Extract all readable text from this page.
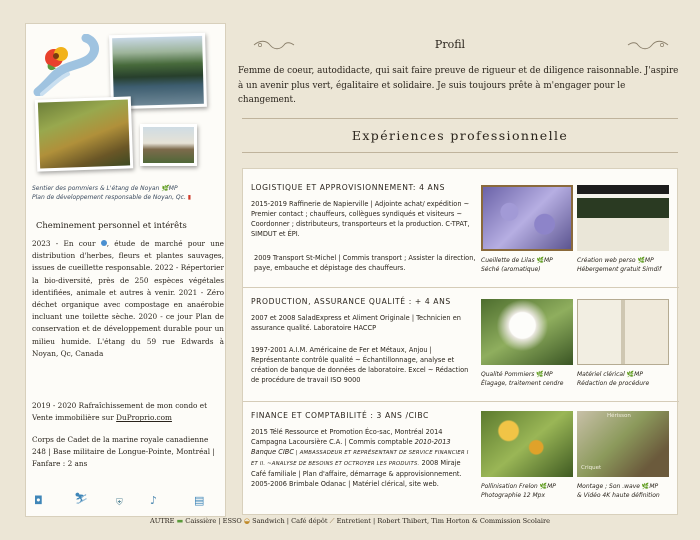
Sentier des pommiers & L'étang de Noyan 🌿MP
Plan de développement responsable de Noyan, Qc. ▮
Cheminement personnel et intérêts
2023 - En cour , étude de marché pour une distribution d'herbes, fleurs et plantes sauvages, issues de cueillette responsable. 2022 - Répertorier la bio-diversité, près de 250 espèces végétales identifiées, animale et autres à venir. 2021 - Zéro déchet organique avec compostage en anaérobie incluant une toilette sèche. 2020 - ce jour Plan de conservation et de développement durable pour un milieu humide. L'étang du 59 rue Edwards à Noyan, Qc, Canada
2019 - 2020 Rafraîchissement de mon condo et Vente immobilière sur DuProprio.com
Corps de Cadet de la marine royale canadienne 248 | Base militaire de Longue-Pointe, Montréal | Fanfare : 2 ans
◘	⛷	⛨ ♪	▤
Profil
Femme de coeur, autodidacte, qui sait faire preuve de rigueur et de diligence raisonnable. J'aspire à un avenir plus vert, égalitaire et solidaire. Je suis toujours prête à m'engager pour le changement.
Expériences professionnelle
LOGISTIQUE ET APPROVISIONNEMENT: 4 ANS
2015-2019 Raffinerie de Napierville | Adjointe achat/ expédition ~ Premier contact ; chauffeurs, collègues syndiqués et visiteurs ~ Coordonner ; distributeurs, transporteurs et la production. C-TPAT, SIMDUT et ÉPI.
2009 Transport St-Michel | Commis transport ; Assister la direction, paye, embauche et dépistage des chauffeurs.
Cueillette de Lilas 🌿MP
Séché (aromatique)
Création web perso 🌿MP
Hébergement gratuit Simdif
PRODUCTION, ASSURANCE QUALITÉ : + 4 ANS
2007 et 2008 SaladExpress et Aliment Originale | Technicien en assurance qualité. Laboratoire HACCP
1997-2001 A.I.M. Américaine de Fer et Métaux, Anjou | Représentante contrôle qualité ~ Échantillonnage, analyse et création de banque de données de laboratoire. Excel ~ Rédaction de procédure de travail ISO 9000
Qualité Pommiers 🌿MP
Élagage, traitement cendre
Matériel clérical 🌿MP
Rédaction de procédure
FINANCE ET COMPTABILITÉ : 3 ANS /CIBC
2015 Télé Ressource et Promotion Éco-sac, Montréal 2014 Campagna Lacoursière C.A. | Commis comptable 2010-2013 Banque CIBC | AMBASSADEUR ET REPRÉSENTANT DE SERVICE FINANCIER I ET II. ~ANALYSE DE BESOINS ET OCTROYER LES PRODUITS. 2008 Miraje Café familiale | Plan d'affaire, démarrage & approvisionnement. 2005-2006 Brimbale Odanac | Matériel clérical, site web.	Pollinisation Frelon 🌿MP
Photographie 12 Mpx
Hérisson
Criquet
Montage ; Son .wave 🌿MP
& Vidéo 4K haute définition
AUTRE ▬ Caissière | ESSO ◒ Sandwich | Café dépôt ⟋ Entretient | Robert Thibert, Tim Horton & Commission Scolaire
